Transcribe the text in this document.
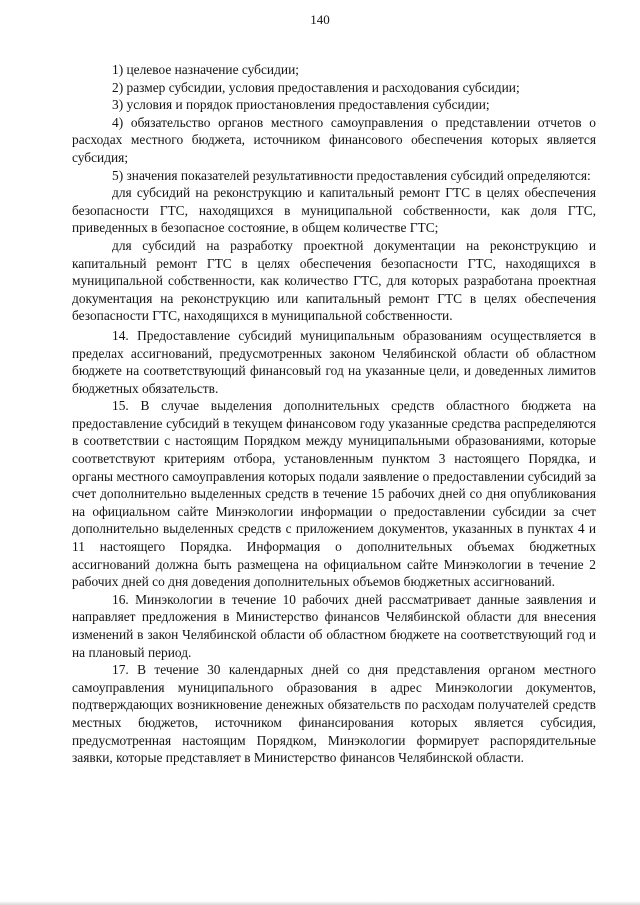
140

1) целевое назначение субсидии;

2) размер субсидии, условия предоставления и расходования субсидии;

3) условия и порядок приостановления предоставления субсидии;

4) обязательство органов местного самоуправления о представлении отчетов о расходах местного бюджета, источником финансового обеспечения которых является субсидия;

5) значения показателей результативности предоставления субсидий определяются:

для субсидий на реконструкцию и капитальный ремонт ГТС в целях обеспечения безопасности ГТС, находящихся в муниципальной собственности, как доля ГТС, приведенных в безопасное состояние, в общем количестве ГТС;

для субсидий на разработку проектной документации на реконструкцию и капитальный ремонт ГТС в целях обеспечения безопасности ГТС, находящихся в муниципальной собственности, как количество ГТС, для которых разработана проектная документация на реконструкцию или капитальный ремонт ГТС в целях обеспечения безопасности ГТС, находящихся в муниципальной собственности.

14. Предоставление субсидий муниципальным образованиям осуществляется в пределах ассигнований, предусмотренных законом Челябинской области об областном бюджете на соответствующий финансовый год на указанные цели, и доведенных лимитов бюджетных обязательств.

15. В случае выделения дополнительных средств областного бюджета на предоставление субсидий в текущем финансовом году указанные средства распределяются в соответствии с настоящим Порядком между муниципальными образованиями, которые соответствуют критериям отбора, установленным пунктом 3 настоящего Порядка, и органы местного самоуправления которых подали заявление о предоставлении субсидий за счет дополнительно выделенных средств в течение 15 рабочих дней со дня опубликования на официальном сайте Минэкологии информации о предоставлении субсидии за счет дополнительно выделенных средств с приложением документов, указанных в пунктах 4 и 11 настоящего Порядка. Информация о дополнительных объемах бюджетных ассигнований должна быть размещена на официальном сайте Минэкологии в течение 2 рабочих дней со дня доведения дополнительных объемов бюджетных ассигнований.

16. Минэкологии в течение 10 рабочих дней рассматривает данные заявления и направляет предложения в Министерство финансов Челябинской области для внесения изменений в закон Челябинской области об областном бюджете на соответствующий год и на плановый период.

17. В течение 30 календарных дней со дня представления органом местного самоуправления муниципального образования в адрес Минэкологии документов, подтверждающих возникновение денежных обязательств по расходам получателей средств местных бюджетов, источником финансирования которых является субсидия, предусмотренная настоящим Порядком, Минэкологии формирует распорядительные заявки, которые представляет в Министерство финансов Челябинской области.
